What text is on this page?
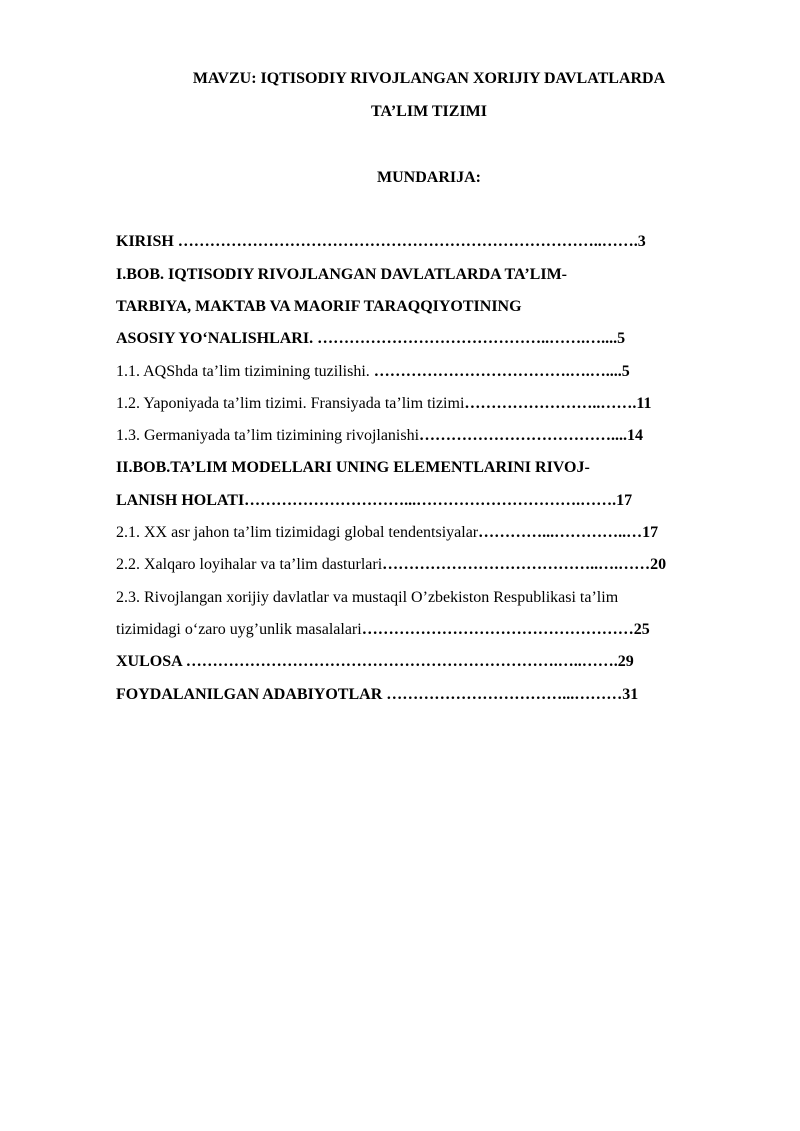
MAVZU: IQTISODIY RIVOJLANGAN XORIJIY DAVLATLARDA
TA’LIM TIZIMI
MUNDARIJA:
KIRISH ……………………………………………………………………..…….3
I.BOB. IQTISODIY RIVOJLANGAN DAVLATLARDA TA’LIM-
TARBIYA, MAKTAB VA MAORIF TARAQQIYOTINING
ASOSIY YO‘NALISHLARI. ……………………………………..…….…....5
1.1. AQShda ta’lim tizimining tuzilishi. ……………………………….….…....5
1.2. Yaponiyada ta’lim tizimi. Fransiyada ta’lim tizimi……………………..…….11
1.3. Germaniyada ta’lim tizimining rivojlanishi………………………………....14
II.BOB.TA’LIM MODELLARI UNING ELEMENTLARINI RIVOJ-
LANISH HOLATI…………………………...………………………….…….17
2.1. XX asr jahon ta’lim tizimidagi global tendentsiyalar…………...…………..…17
2.2. Xalqaro loyihalar va ta’lim dasturlari…………………………………..….……20
2.3. Rivojlangan xorijiy davlatlar va mustaqil O’zbekiston Respublikasi ta’lim
tizimidagi o‘zaro uyg’unlik masalalari……………………………………………25
XULOSA …………………………………………………………….…..…….29
FOYDALANILGAN ADABIYOTLAR ……………………………...………31
